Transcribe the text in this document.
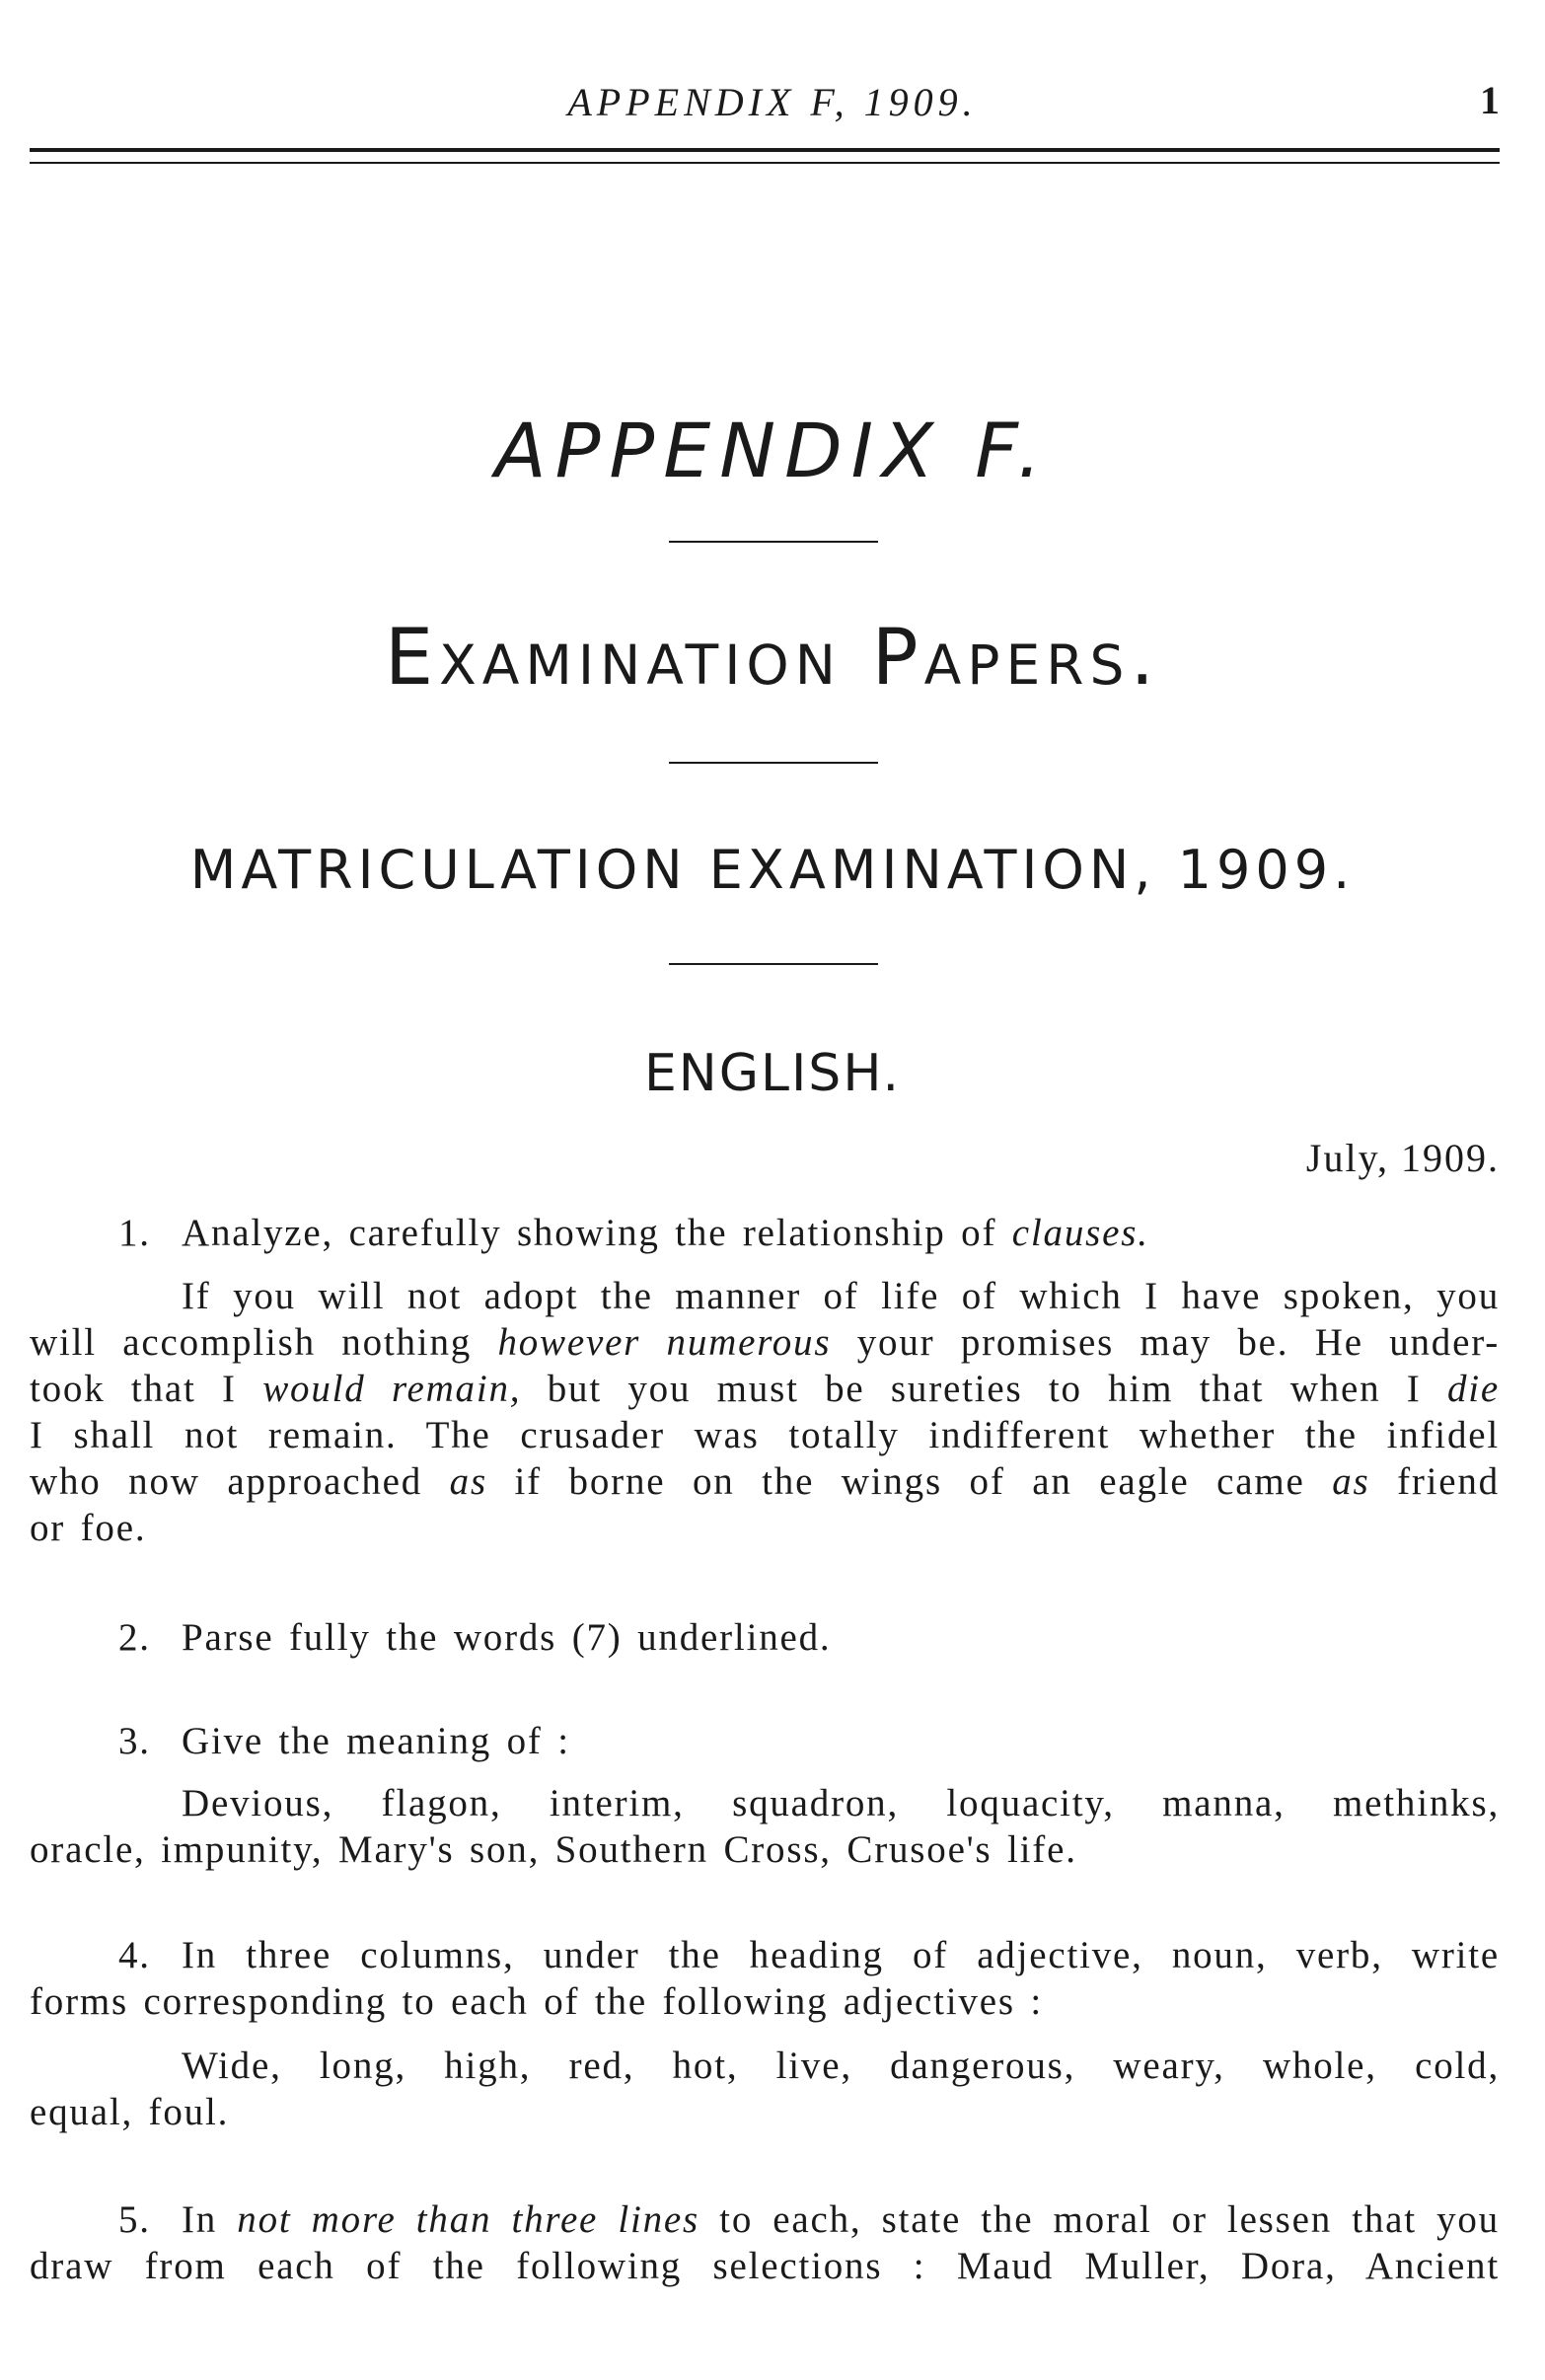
APPENDIX F, 1909.	1
APPENDIX F.
Examination Papers.
MATRICULATION EXAMINATION, 1909.
ENGLISH.
July, 1909.
1. Analyze, carefully showing the relationship of clauses.
If you will not adopt the manner of life of which I have spoken, you
will accomplish nothing however numerous your promises may be. He under-
took that I would remain, but you must be sureties to him that when I die
I shall not remain. The crusader was totally indifferent whether the infidel
who now approached as if borne on the wings of an eagle came as friend
or foe.
2. Parse fully the words (7) underlined.
3. Give the meaning of :
Devious, flagon, interim, squadron, loquacity, manna, methinks,
oracle, impunity, Mary's son, Southern Cross, Crusoe's life.
4. In three columns, under the heading of adjective, noun, verb, write
forms corresponding to each of the following adjectives :
Wide, long, high, red, hot, live, dangerous, weary, whole, cold,
equal, foul.
5. In not more than three lines to each, state the moral or lessen that you
draw from each of the following selections : Maud Muller, Dora, Ancient
